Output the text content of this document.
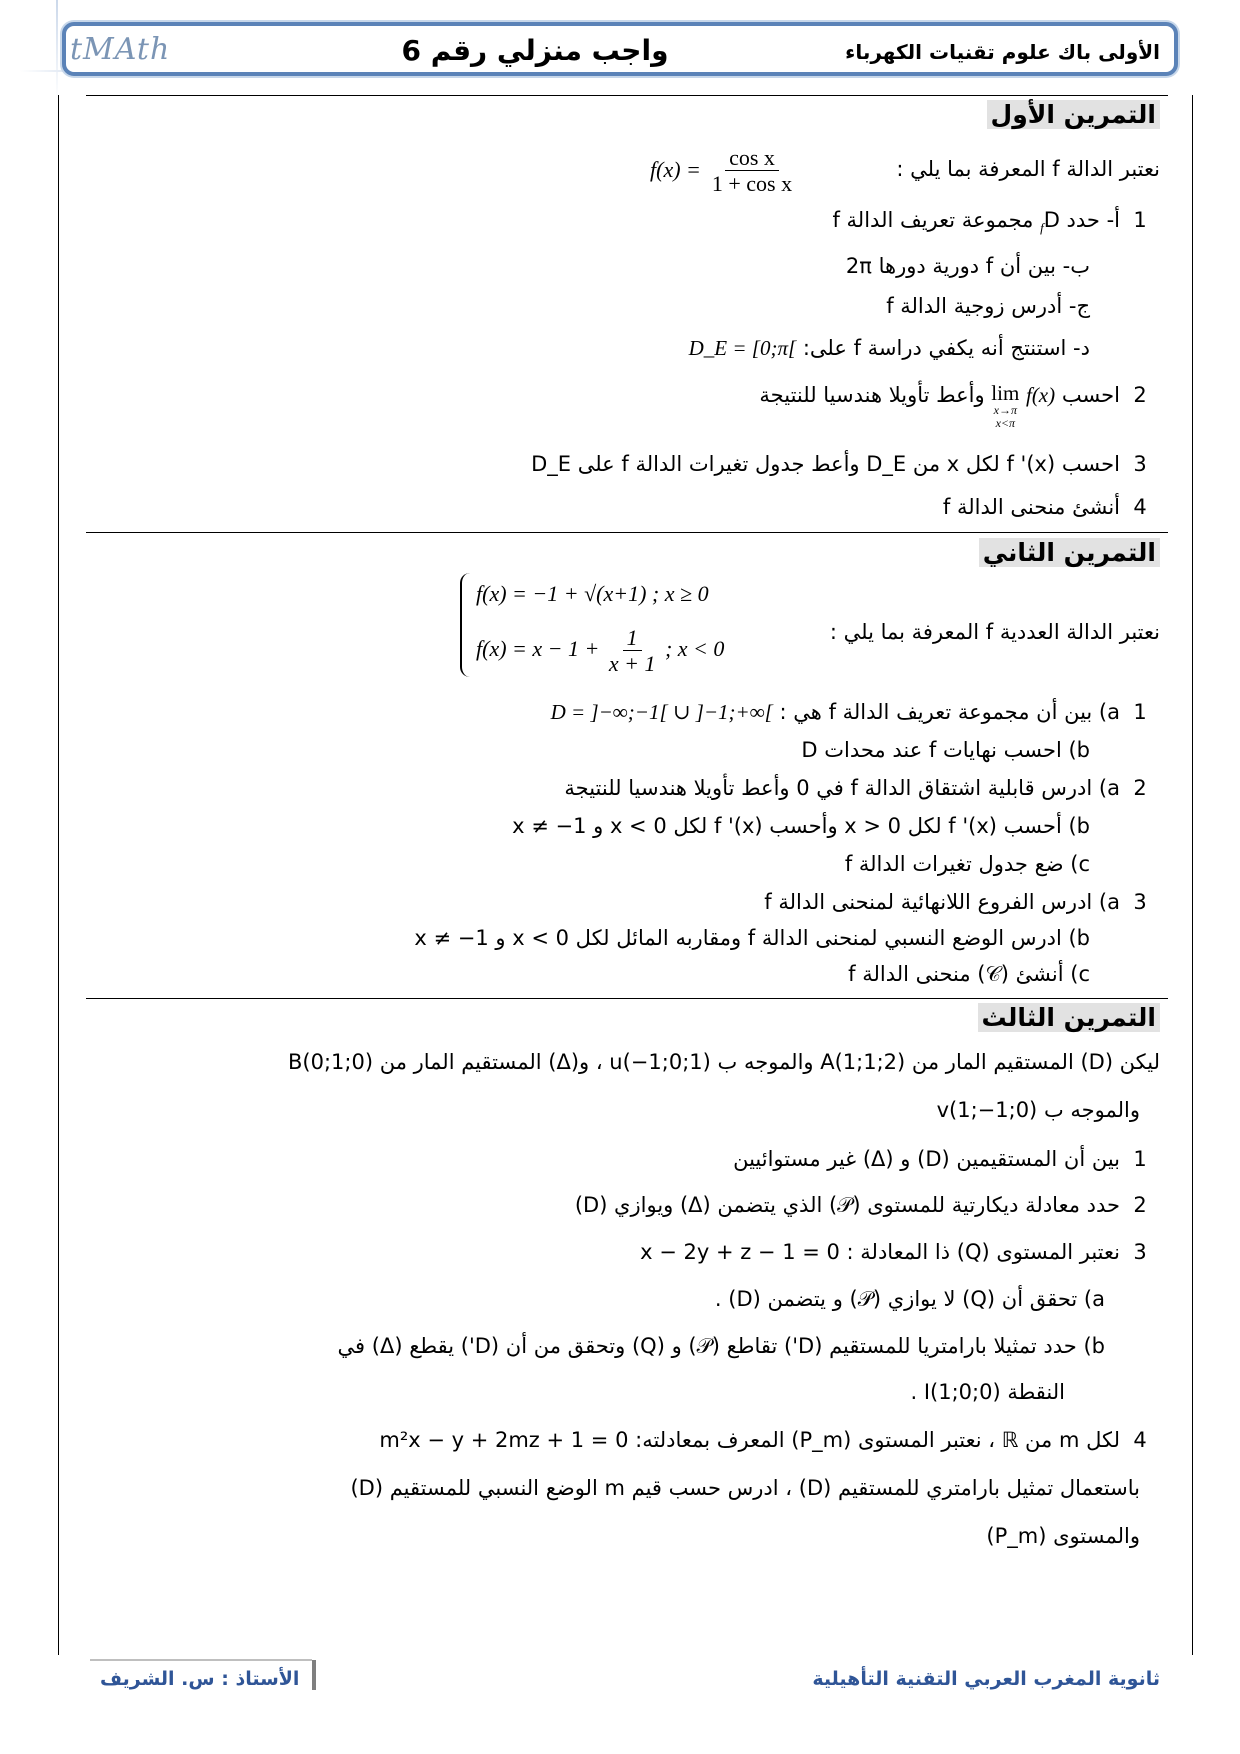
tMAth	واجب منزلي رقم 6	الأولى باك علوم تقنيات الكهرباء
التمرين الأول
نعتبر الدالة f المعرفة بما يلي :
$f(x) = \frac{\text{cos x}}{\text{1 + cos x}}$
1
أ- حدد $D_f$ مجموعة تعريف الدالة f
ب- بين أن f دورية دورها 2π
ج- أدرس زوجية الدالة f
د- استنتج أنه يكفي دراسة f على: D_E = [0;π[
2
احسب f(x)
lim
x→π
x<π
وأعط تأويلا هندسيا للنتيجة
3
احسب f '(x) لكل x من D_E وأعط جدول تغيرات الدالة f على D_E
4
أنشئ منحنى الدالة f
التمرين الثاني
نعتبر الدالة العددية f المعرفة بما يلي :
f(x) = −1 + √(x+1) ; x ≥ 0
$f(x) = x - 1 + \frac{1}{x + 1}$ ; x < 0
1
a) بين أن مجموعة تعريف الدالة f هي : D = ]−∞;−1[ ∪ ]−1;+∞[
b) احسب نهايات f عند محدات D
2
a) ادرس قابلية اشتقاق الدالة f في 0 وأعط تأويلا هندسيا للنتيجة
b) أحسب f '(x) لكل x > 0 وأحسب f '(x) لكل x < 0 و x ≠ −1
c) ضع جدول تغيرات الدالة f
3
a) ادرس الفروع اللانهائية لمنحنى الدالة f
b) ادرس الوضع النسبي لمنحنى الدالة f ومقاربه المائل لكل x < 0 و x ≠ −1
c) أنشئ (𝒞) منحنى الدالة f
التمرين الثالث
ليكن (D) المستقيم المار من A(1;1;2) والموجه ب u(−1;0;1) ، و(Δ) المستقيم المار من B(0;1;0)
والموجه ب v(1;−1;0)
1
بين أن المستقيمين (D) و (Δ) غير مستوائيين
2
حدد معادلة ديكارتية للمستوى (𝒫) الذي يتضمن (Δ) ويوازي (D)
3
نعتبر المستوى (Q) ذا المعادلة : x − 2y + z − 1 = 0
a) تحقق أن (Q) لا يوازي (𝒫) و يتضمن (D) .
b) حدد تمثيلا بارامتريا للمستقيم (D') تقاطع (𝒫) و (Q) وتحقق من أن (D') يقطع (Δ) في
النقطة I(1;0;0) .
4
لكل m من ℝ ، نعتبر المستوى (P_m) المعرف بمعادلته: m²x − y + 2mz + 1 = 0
باستعمال تمثيل بارامتري للمستقيم (D) ، ادرس حسب قيم m الوضع النسبي للمستقيم (D)
والمستوى (P_m)
ثانوية المغرب العربي التقنية التأهيلية
الأستاذ : س. الشريف
